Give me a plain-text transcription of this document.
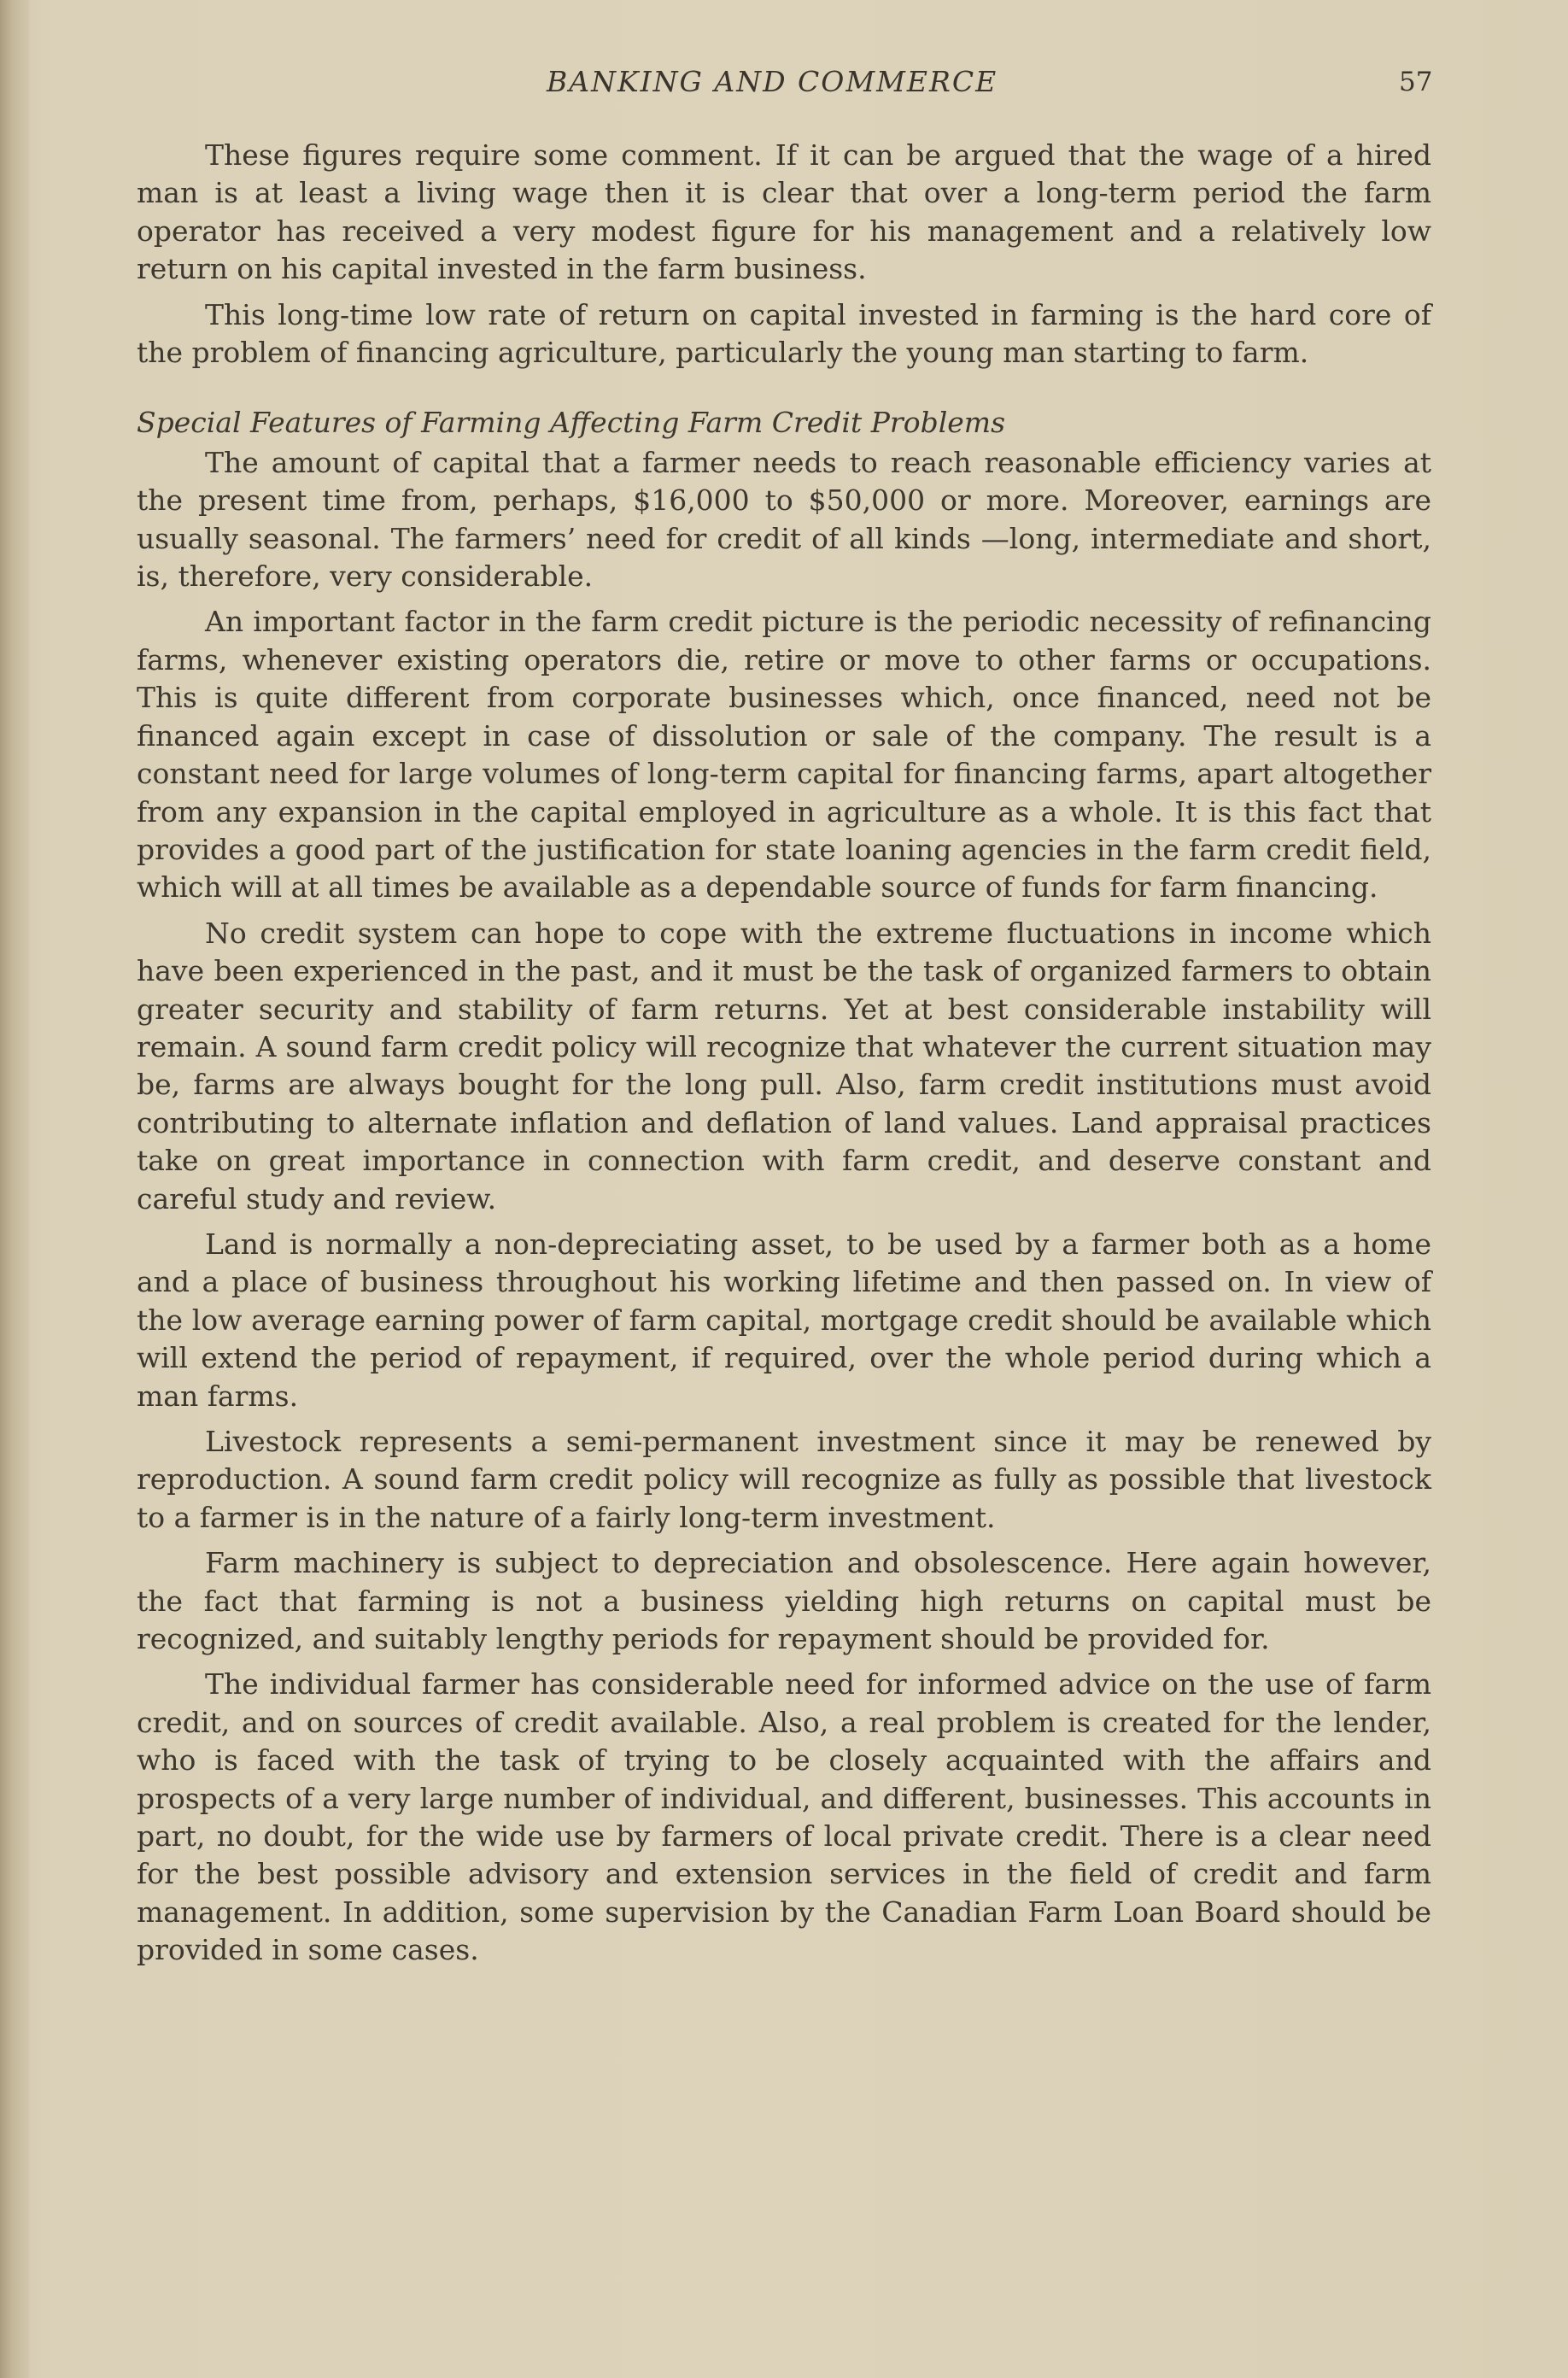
BANKING AND COMMERCE	57

These figures require some comment. If it can be argued that the wage of a hired man is at least a living wage then it is clear that over a long-term period the farm operator has received a very modest figure for his management and a relatively low return on his capital invested in the farm business.

This long-time low rate of return on capital invested in farming is the hard core of the problem of financing agriculture, particularly the young man starting to farm.

Special Features of Farming Affecting Farm Credit Problems

The amount of capital that a farmer needs to reach reasonable efficiency varies at the present time from, perhaps, $16,000 to $50,000 or more. Moreover, earnings are usually seasonal. The farmers’ need for credit of all kinds —long, intermediate and short, is, therefore, very considerable.

An important factor in the farm credit picture is the periodic necessity of refinancing farms, whenever existing operators die, retire or move to other farms or occupations. This is quite different from corporate businesses which, once financed, need not be financed again except in case of dissolution or sale of the company. The result is a constant need for large volumes of long-term capital for financing farms, apart altogether from any expansion in the capital employed in agriculture as a whole. It is this fact that provides a good part of the justification for state loaning agencies in the farm credit field, which will at all times be available as a dependable source of funds for farm financing.

No credit system can hope to cope with the extreme fluctuations in income which have been experienced in the past, and it must be the task of organized farmers to obtain greater security and stability of farm returns. Yet at best considerable instability will remain. A sound farm credit policy will recognize that whatever the current situation may be, farms are always bought for the long pull. Also, farm credit institutions must avoid contributing to alternate inflation and deflation of land values. Land appraisal practices take on great importance in connection with farm credit, and deserve constant and careful study and review.

Land is normally a non-depreciating asset, to be used by a farmer both as a home and a place of business throughout his working lifetime and then passed on. In view of the low average earning power of farm capital, mortgage credit should be available which will extend the period of repayment, if required, over the whole period during which a man farms.

Livestock represents a semi-permanent investment since it may be renewed by reproduction. A sound farm credit policy will recognize as fully as possible that livestock to a farmer is in the nature of a fairly long-term investment.

Farm machinery is subject to depreciation and obsolescence. Here again however, the fact that farming is not a business yielding high returns on capital must be recognized, and suitably lengthy periods for repayment should be provided for.

The individual farmer has considerable need for informed advice on the use of farm credit, and on sources of credit available. Also, a real problem is created for the lender, who is faced with the task of trying to be closely acquainted with the affairs and prospects of a very large number of individual, and different, businesses. This accounts in part, no doubt, for the wide use by farmers of local private credit. There is a clear need for the best possible advisory and extension services in the field of credit and farm management. In addition, some supervision by the Canadian Farm Loan Board should be provided in some cases.
